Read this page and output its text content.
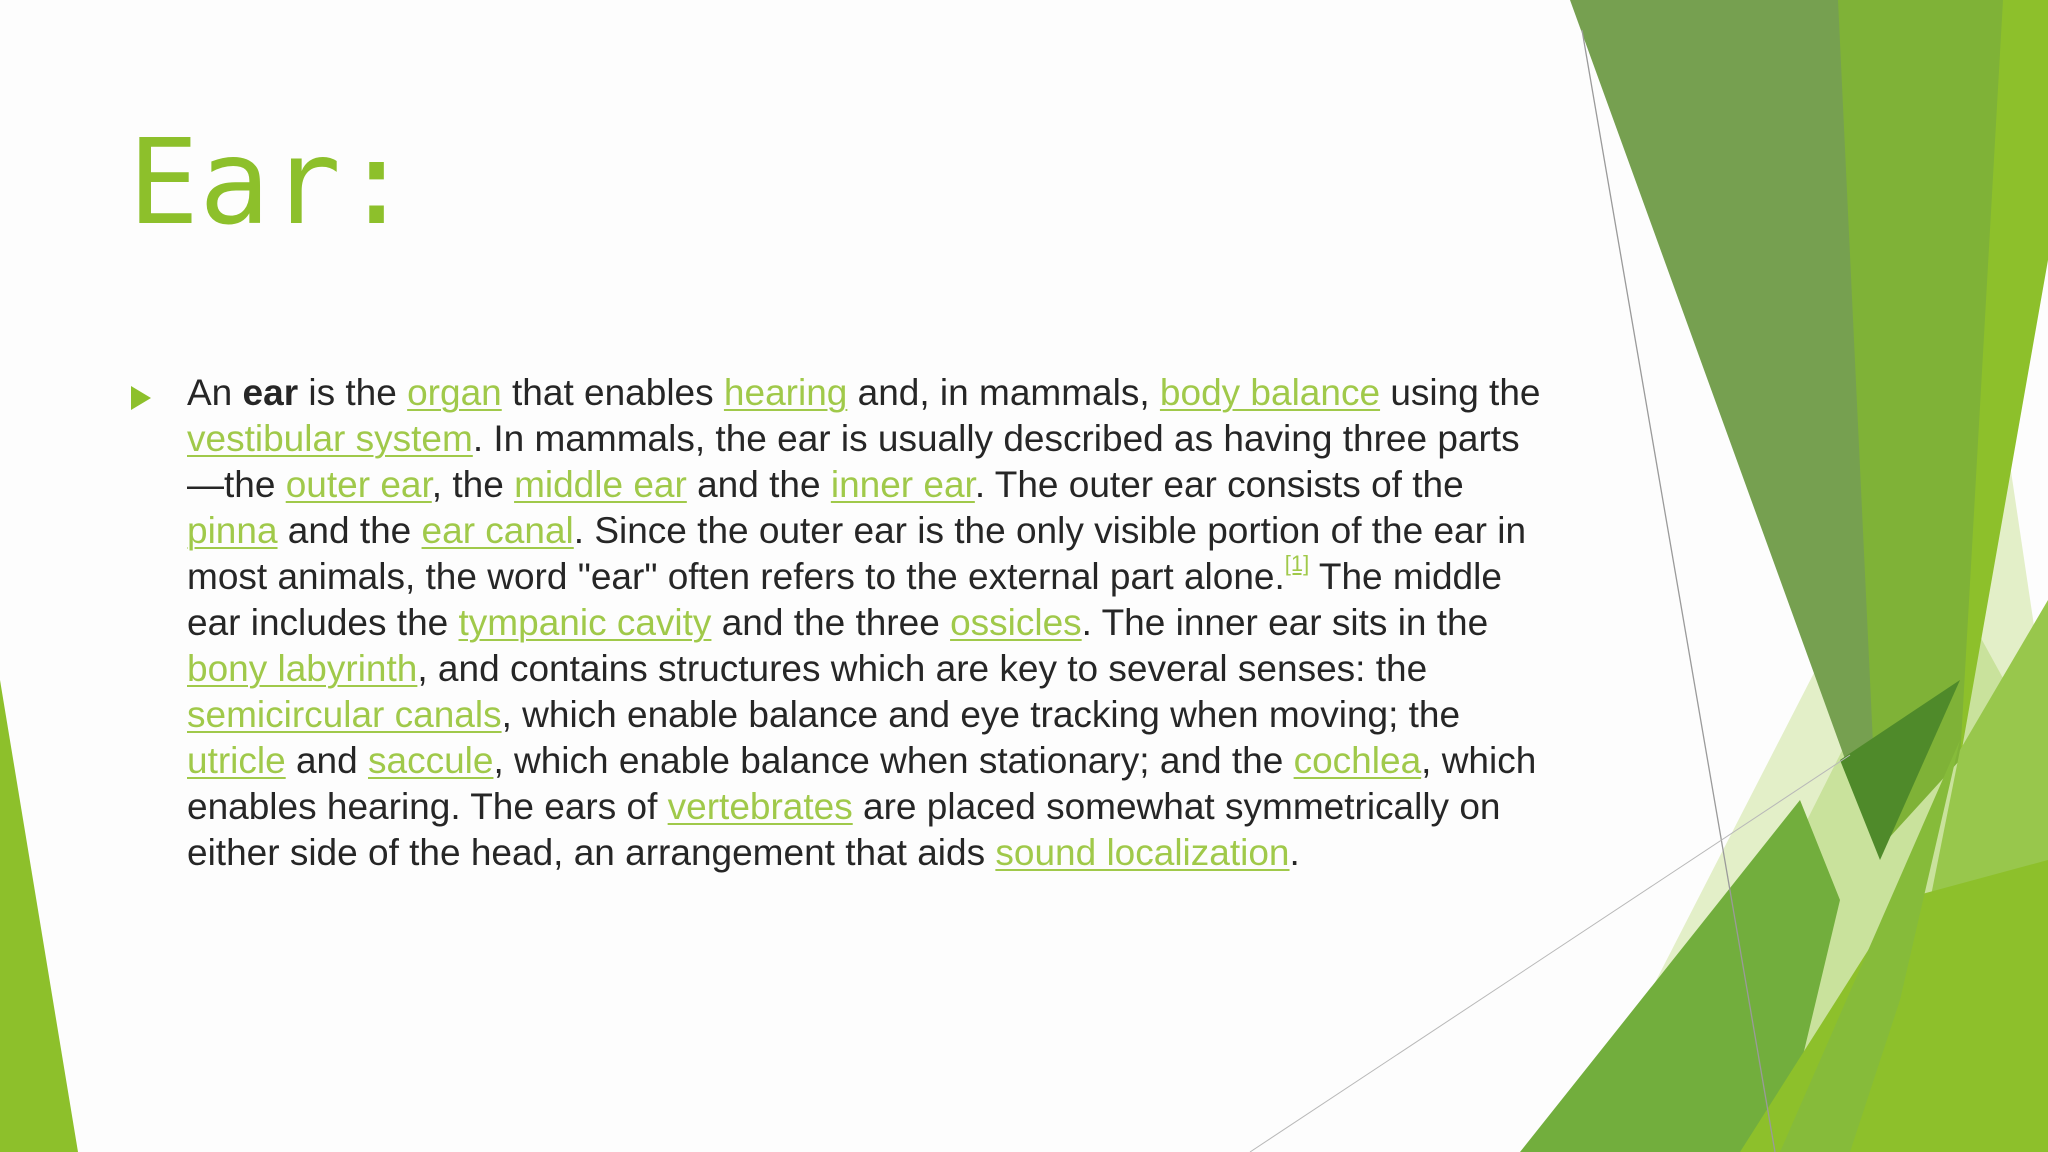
Ear:

An ear is the organ that enables hearing and, in mammals, body balance using the vestibular system. In mammals, the ear is usually described as having three parts—the outer ear, the middle ear and the inner ear. The outer ear consists of the pinna and the ear canal. Since the outer ear is the only visible portion of the ear in most animals, the word "ear" often refers to the external part alone.[1] The middle ear includes the tympanic cavity and the three ossicles. The inner ear sits in the bony labyrinth, and contains structures which are key to several senses: the semicircular canals, which enable balance and eye tracking when moving; the utricle and saccule, which enable balance when stationary; and the cochlea, which enables hearing. The ears of vertebrates are placed somewhat symmetrically on either side of the head, an arrangement that aids sound localization.
